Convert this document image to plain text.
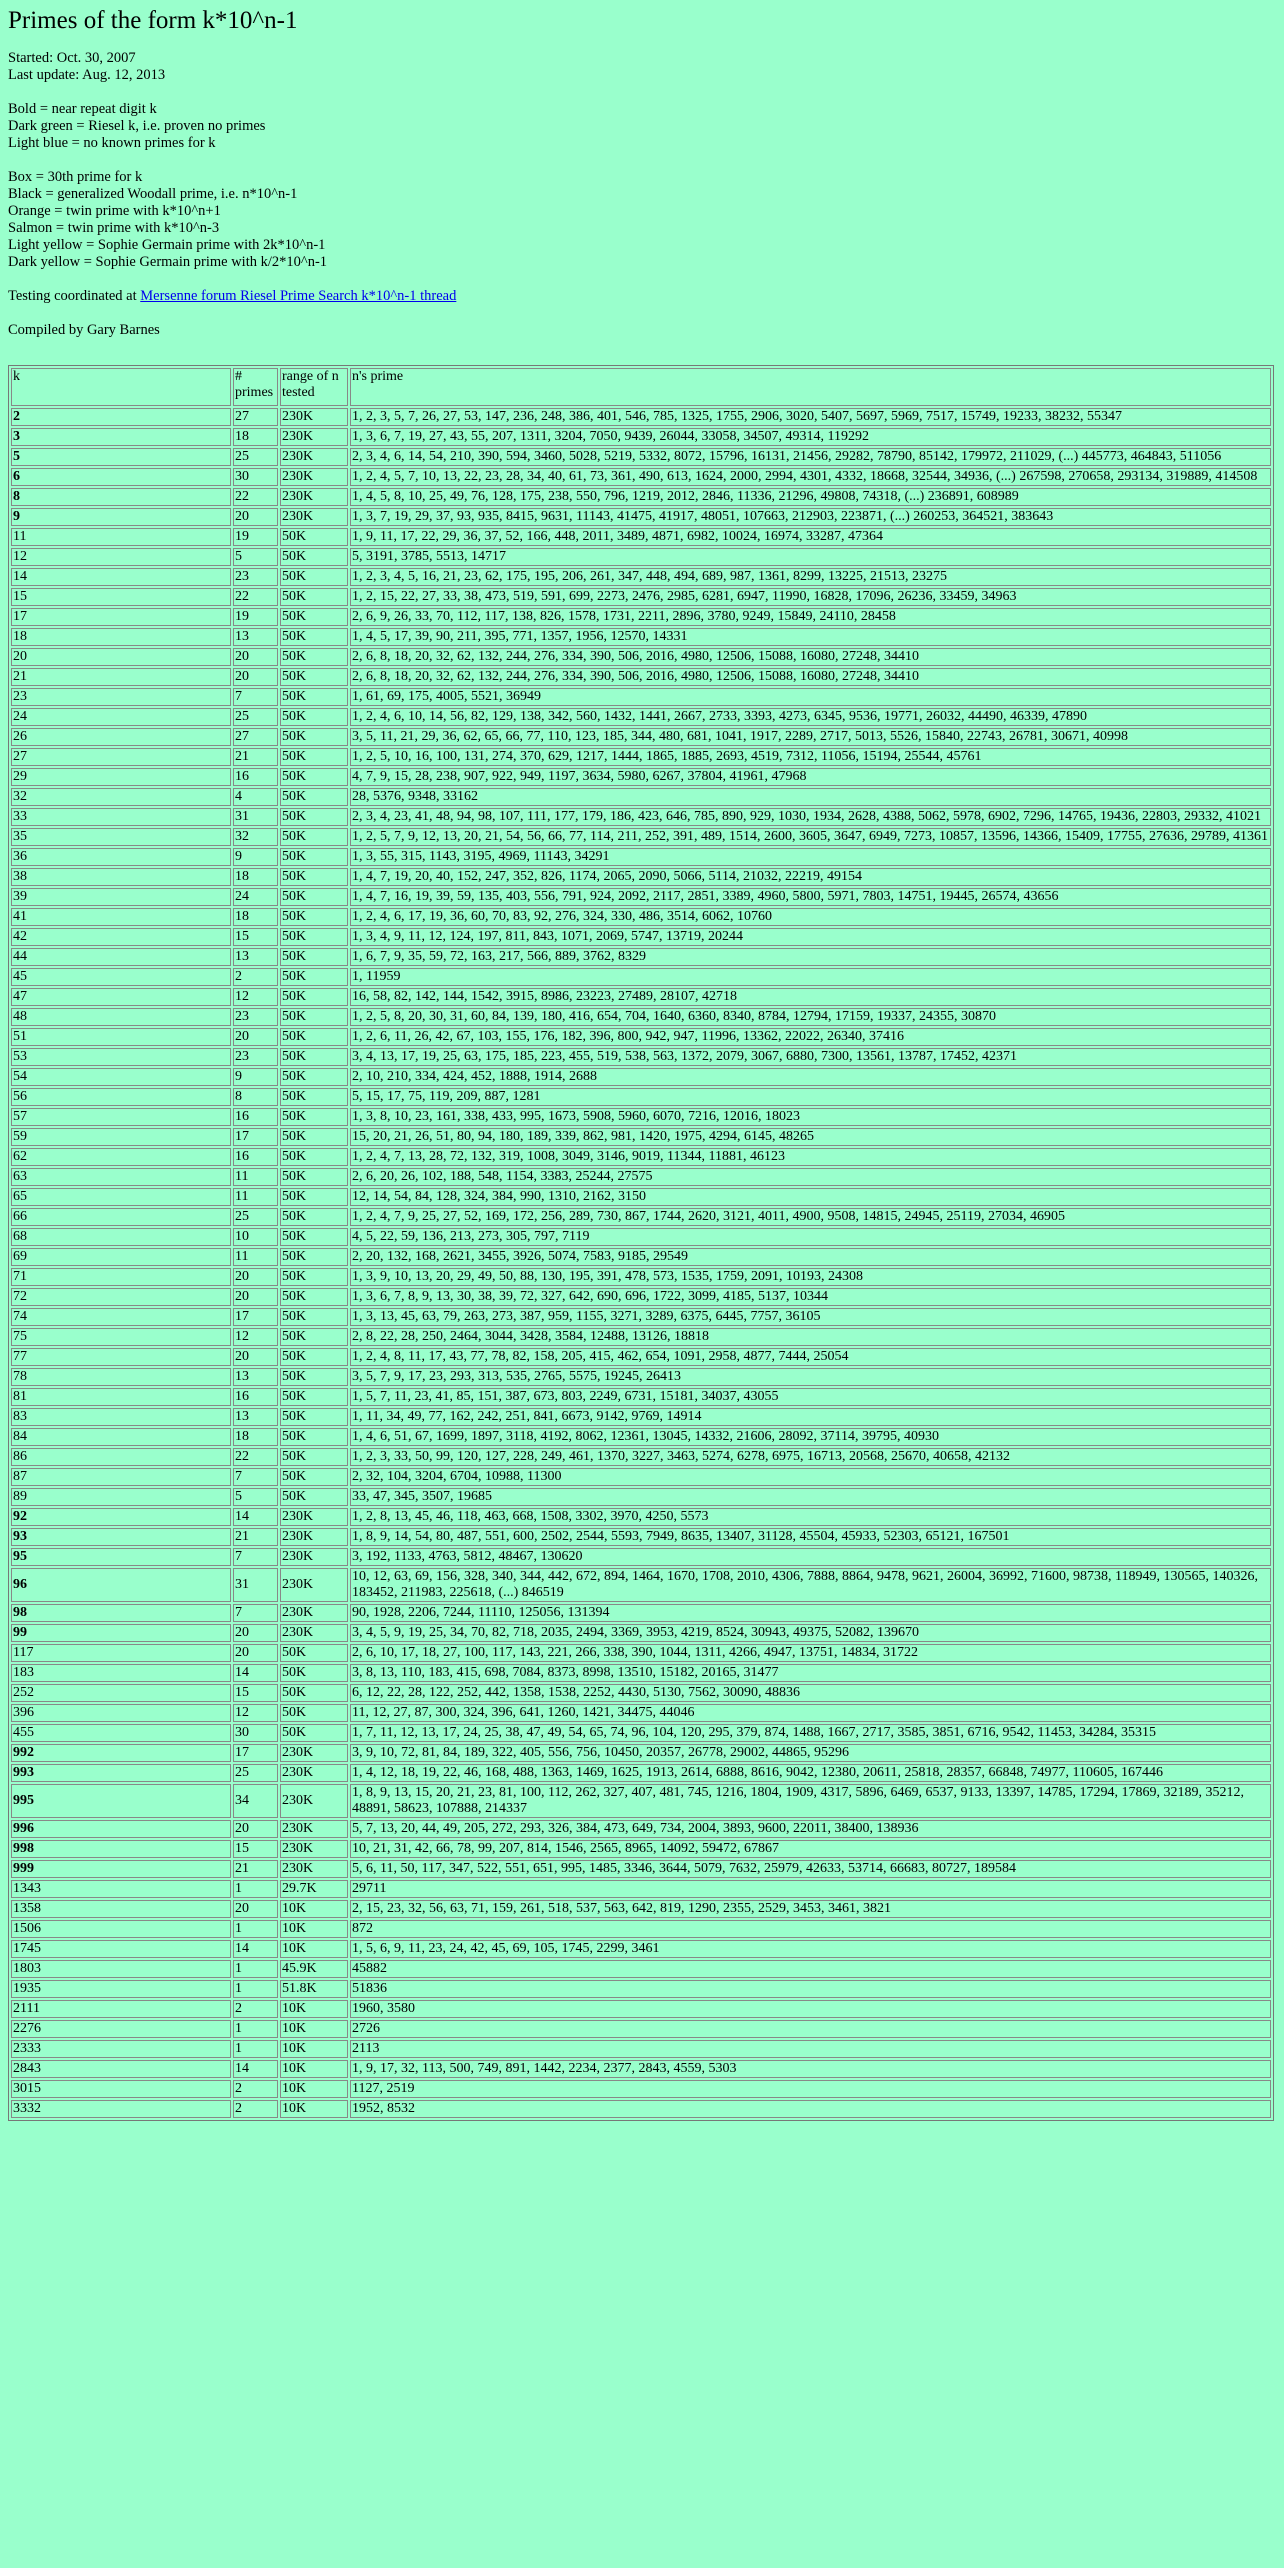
Primes of the form k*10^n-1

Started: Oct. 30, 2007

Last update: Aug. 12, 2013

Bold = near repeat digit k

Dark green = Riesel k, i.e. proven no primes

Light blue = no known primes for k

Box = 30th prime for k

Black = generalized Woodall prime, i.e. n*10^n-1

Orange = twin prime with k*10^n+1

Salmon = twin prime with k*10^n-3

Light yellow = Sophie Germain prime with 2k*10^n-1

Dark yellow = Sophie Germain prime with k/2*10^n-1

Testing coordinated at Mersenne forum Riesel Prime Search k*10^n-1 thread

Compiled by Gary Barnes

k	# primes	range of n tested	n's prime
2	27	230K	1, 2, 3, 5, 7, 26, 27, 53, 147, 236, 248, 386, 401, 546, 785, 1325, 1755, 2906, 3020, 5407, 5697, 5969, 7517, 15749, 19233, 38232, 55347
3	18	230K	1, 3, 6, 7, 19, 27, 43, 55, 207, 1311, 3204, 7050, 9439, 26044, 33058, 34507, 49314, 119292
5	25	230K	2, 3, 4, 6, 14, 54, 210, 390, 594, 3460, 5028, 5219, 5332, 8072, 15796, 16131, 21456, 29282, 78790, 85142, 179972, 211029, (...) 445773, 464843, 511056
6	30	230K	1, 2, 4, 5, 7, 10, 13, 22, 23, 28, 34, 40, 61, 73, 361, 490, 613, 1624, 2000, 2994, 4301, 4332, 18668, 32544, 34936, (...) 267598, 270658, 293134, 319889, 414508
8	22	230K	1, 4, 5, 8, 10, 25, 49, 76, 128, 175, 238, 550, 796, 1219, 2012, 2846, 11336, 21296, 49808, 74318, (...) 236891, 608989
9	20	230K	1, 3, 7, 19, 29, 37, 93, 935, 8415, 9631, 11143, 41475, 41917, 48051, 107663, 212903, 223871, (...) 260253, 364521, 383643
11	19	50K	1, 9, 11, 17, 22, 29, 36, 37, 52, 166, 448, 2011, 3489, 4871, 6982, 10024, 16974, 33287, 47364
12	5	50K	5, 3191, 3785, 5513, 14717
14	23	50K	1, 2, 3, 4, 5, 16, 21, 23, 62, 175, 195, 206, 261, 347, 448, 494, 689, 987, 1361, 8299, 13225, 21513, 23275
15	22	50K	1, 2, 15, 22, 27, 33, 38, 473, 519, 591, 699, 2273, 2476, 2985, 6281, 6947, 11990, 16828, 17096, 26236, 33459, 34963
17	19	50K	2, 6, 9, 26, 33, 70, 112, 117, 138, 826, 1578, 1731, 2211, 2896, 3780, 9249, 15849, 24110, 28458
18	13	50K	1, 4, 5, 17, 39, 90, 211, 395, 771, 1357, 1956, 12570, 14331
20	20	50K	2, 6, 8, 18, 20, 32, 62, 132, 244, 276, 334, 390, 506, 2016, 4980, 12506, 15088, 16080, 27248, 34410
21	20	50K	2, 6, 8, 18, 20, 32, 62, 132, 244, 276, 334, 390, 506, 2016, 4980, 12506, 15088, 16080, 27248, 34410
23	7	50K	1, 61, 69, 175, 4005, 5521, 36949
24	25	50K	1, 2, 4, 6, 10, 14, 56, 82, 129, 138, 342, 560, 1432, 1441, 2667, 2733, 3393, 4273, 6345, 9536, 19771, 26032, 44490, 46339, 47890
26	27	50K	3, 5, 11, 21, 29, 36, 62, 65, 66, 77, 110, 123, 185, 344, 480, 681, 1041, 1917, 2289, 2717, 5013, 5526, 15840, 22743, 26781, 30671, 40998
27	21	50K	1, 2, 5, 10, 16, 100, 131, 274, 370, 629, 1217, 1444, 1865, 1885, 2693, 4519, 7312, 11056, 15194, 25544, 45761
29	16	50K	4, 7, 9, 15, 28, 238, 907, 922, 949, 1197, 3634, 5980, 6267, 37804, 41961, 47968
32	4	50K	28, 5376, 9348, 33162
33	31	50K	2, 3, 4, 23, 41, 48, 94, 98, 107, 111, 177, 179, 186, 423, 646, 785, 890, 929, 1030, 1934, 2628, 4388, 5062, 5978, 6902, 7296, 14765, 19436, 22803, 29332, 41021
35	32	50K	1, 2, 5, 7, 9, 12, 13, 20, 21, 54, 56, 66, 77, 114, 211, 252, 391, 489, 1514, 2600, 3605, 3647, 6949, 7273, 10857, 13596, 14366, 15409, 17755, 27636, 29789, 41361
36	9	50K	1, 3, 55, 315, 1143, 3195, 4969, 11143, 34291
38	18	50K	1, 4, 7, 19, 20, 40, 152, 247, 352, 826, 1174, 2065, 2090, 5066, 5114, 21032, 22219, 49154
39	24	50K	1, 4, 7, 16, 19, 39, 59, 135, 403, 556, 791, 924, 2092, 2117, 2851, 3389, 4960, 5800, 5971, 7803, 14751, 19445, 26574, 43656
41	18	50K	1, 2, 4, 6, 17, 19, 36, 60, 70, 83, 92, 276, 324, 330, 486, 3514, 6062, 10760
42	15	50K	1, 3, 4, 9, 11, 12, 124, 197, 811, 843, 1071, 2069, 5747, 13719, 20244
44	13	50K	1, 6, 7, 9, 35, 59, 72, 163, 217, 566, 889, 3762, 8329
45	2	50K	1, 11959
47	12	50K	16, 58, 82, 142, 144, 1542, 3915, 8986, 23223, 27489, 28107, 42718
48	23	50K	1, 2, 5, 8, 20, 30, 31, 60, 84, 139, 180, 416, 654, 704, 1640, 6360, 8340, 8784, 12794, 17159, 19337, 24355, 30870
51	20	50K	1, 2, 6, 11, 26, 42, 67, 103, 155, 176, 182, 396, 800, 942, 947, 11996, 13362, 22022, 26340, 37416
53	23	50K	3, 4, 13, 17, 19, 25, 63, 175, 185, 223, 455, 519, 538, 563, 1372, 2079, 3067, 6880, 7300, 13561, 13787, 17452, 42371
54	9	50K	2, 10, 210, 334, 424, 452, 1888, 1914, 2688
56	8	50K	5, 15, 17, 75, 119, 209, 887, 1281
57	16	50K	1, 3, 8, 10, 23, 161, 338, 433, 995, 1673, 5908, 5960, 6070, 7216, 12016, 18023
59	17	50K	15, 20, 21, 26, 51, 80, 94, 180, 189, 339, 862, 981, 1420, 1975, 4294, 6145, 48265
62	16	50K	1, 2, 4, 7, 13, 28, 72, 132, 319, 1008, 3049, 3146, 9019, 11344, 11881, 46123
63	11	50K	2, 6, 20, 26, 102, 188, 548, 1154, 3383, 25244, 27575
65	11	50K	12, 14, 54, 84, 128, 324, 384, 990, 1310, 2162, 3150
66	25	50K	1, 2, 4, 7, 9, 25, 27, 52, 169, 172, 256, 289, 730, 867, 1744, 2620, 3121, 4011, 4900, 9508, 14815, 24945, 25119, 27034, 46905
68	10	50K	4, 5, 22, 59, 136, 213, 273, 305, 797, 7119
69	11	50K	2, 20, 132, 168, 2621, 3455, 3926, 5074, 7583, 9185, 29549
71	20	50K	1, 3, 9, 10, 13, 20, 29, 49, 50, 88, 130, 195, 391, 478, 573, 1535, 1759, 2091, 10193, 24308
72	20	50K	1, 3, 6, 7, 8, 9, 13, 30, 38, 39, 72, 327, 642, 690, 696, 1722, 3099, 4185, 5137, 10344
74	17	50K	1, 3, 13, 45, 63, 79, 263, 273, 387, 959, 1155, 3271, 3289, 6375, 6445, 7757, 36105
75	12	50K	2, 8, 22, 28, 250, 2464, 3044, 3428, 3584, 12488, 13126, 18818
77	20	50K	1, 2, 4, 8, 11, 17, 43, 77, 78, 82, 158, 205, 415, 462, 654, 1091, 2958, 4877, 7444, 25054
78	13	50K	3, 5, 7, 9, 17, 23, 293, 313, 535, 2765, 5575, 19245, 26413
81	16	50K	1, 5, 7, 11, 23, 41, 85, 151, 387, 673, 803, 2249, 6731, 15181, 34037, 43055
83	13	50K	1, 11, 34, 49, 77, 162, 242, 251, 841, 6673, 9142, 9769, 14914
84	18	50K	1, 4, 6, 51, 67, 1699, 1897, 3118, 4192, 8062, 12361, 13045, 14332, 21606, 28092, 37114, 39795, 40930
86	22	50K	1, 2, 3, 33, 50, 99, 120, 127, 228, 249, 461, 1370, 3227, 3463, 5274, 6278, 6975, 16713, 20568, 25670, 40658, 42132
87	7	50K	2, 32, 104, 3204, 6704, 10988, 11300
89	5	50K	33, 47, 345, 3507, 19685
92	14	230K	1, 2, 8, 13, 45, 46, 118, 463, 668, 1508, 3302, 3970, 4250, 5573
93	21	230K	1, 8, 9, 14, 54, 80, 487, 551, 600, 2502, 2544, 5593, 7949, 8635, 13407, 31128, 45504, 45933, 52303, 65121, 167501
95	7	230K	3, 192, 1133, 4763, 5812, 48467, 130620
96	31	230K	10, 12, 63, 69, 156, 328, 340, 344, 442, 672, 894, 1464, 1670, 1708, 2010, 4306, 7888, 8864, 9478, 9621, 26004, 36992, 71600, 98738, 118949, 130565, 140326, 183452, 211983, 225618, (...) 846519
98	7	230K	90, 1928, 2206, 7244, 11110, 125056, 131394
99	20	230K	3, 4, 5, 9, 19, 25, 34, 70, 82, 718, 2035, 2494, 3369, 3953, 4219, 8524, 30943, 49375, 52082, 139670
117	20	50K	2, 6, 10, 17, 18, 27, 100, 117, 143, 221, 266, 338, 390, 1044, 1311, 4266, 4947, 13751, 14834, 31722
183	14	50K	3, 8, 13, 110, 183, 415, 698, 7084, 8373, 8998, 13510, 15182, 20165, 31477
252	15	50K	6, 12, 22, 28, 122, 252, 442, 1358, 1538, 2252, 4430, 5130, 7562, 30090, 48836
396	12	50K	11, 12, 27, 87, 300, 324, 396, 641, 1260, 1421, 34475, 44046
455	30	50K	1, 7, 11, 12, 13, 17, 24, 25, 38, 47, 49, 54, 65, 74, 96, 104, 120, 295, 379, 874, 1488, 1667, 2717, 3585, 3851, 6716, 9542, 11453, 34284, 35315
992	17	230K	3, 9, 10, 72, 81, 84, 189, 322, 405, 556, 756, 10450, 20357, 26778, 29002, 44865, 95296
993	25	230K	1, 4, 12, 18, 19, 22, 46, 168, 488, 1363, 1469, 1625, 1913, 2614, 6888, 8616, 9042, 12380, 20611, 25818, 28357, 66848, 74977, 110605, 167446
995	34	230K	1, 8, 9, 13, 15, 20, 21, 23, 81, 100, 112, 262, 327, 407, 481, 745, 1216, 1804, 1909, 4317, 5896, 6469, 6537, 9133, 13397, 14785, 17294, 17869, 32189, 35212, 48891, 58623, 107888, 214337
996	20	230K	5, 7, 13, 20, 44, 49, 205, 272, 293, 326, 384, 473, 649, 734, 2004, 3893, 9600, 22011, 38400, 138936
998	15	230K	10, 21, 31, 42, 66, 78, 99, 207, 814, 1546, 2565, 8965, 14092, 59472, 67867
999	21	230K	5, 6, 11, 50, 117, 347, 522, 551, 651, 995, 1485, 3346, 3644, 5079, 7632, 25979, 42633, 53714, 66683, 80727, 189584
1343	1	29.7K	29711
1358	20	10K	2, 15, 23, 32, 56, 63, 71, 159, 261, 518, 537, 563, 642, 819, 1290, 2355, 2529, 3453, 3461, 3821
1506	1	10K	872
1745	14	10K	1, 5, 6, 9, 11, 23, 24, 42, 45, 69, 105, 1745, 2299, 3461
1803	1	45.9K	45882
1935	1	51.8K	51836
2111	2	10K	1960, 3580
2276	1	10K	2726
2333	1	10K	2113
2843	14	10K	1, 9, 17, 32, 113, 500, 749, 891, 1442, 2234, 2377, 2843, 4559, 5303
3015	2	10K	1127, 2519
3332	2	10K	1952, 8532
